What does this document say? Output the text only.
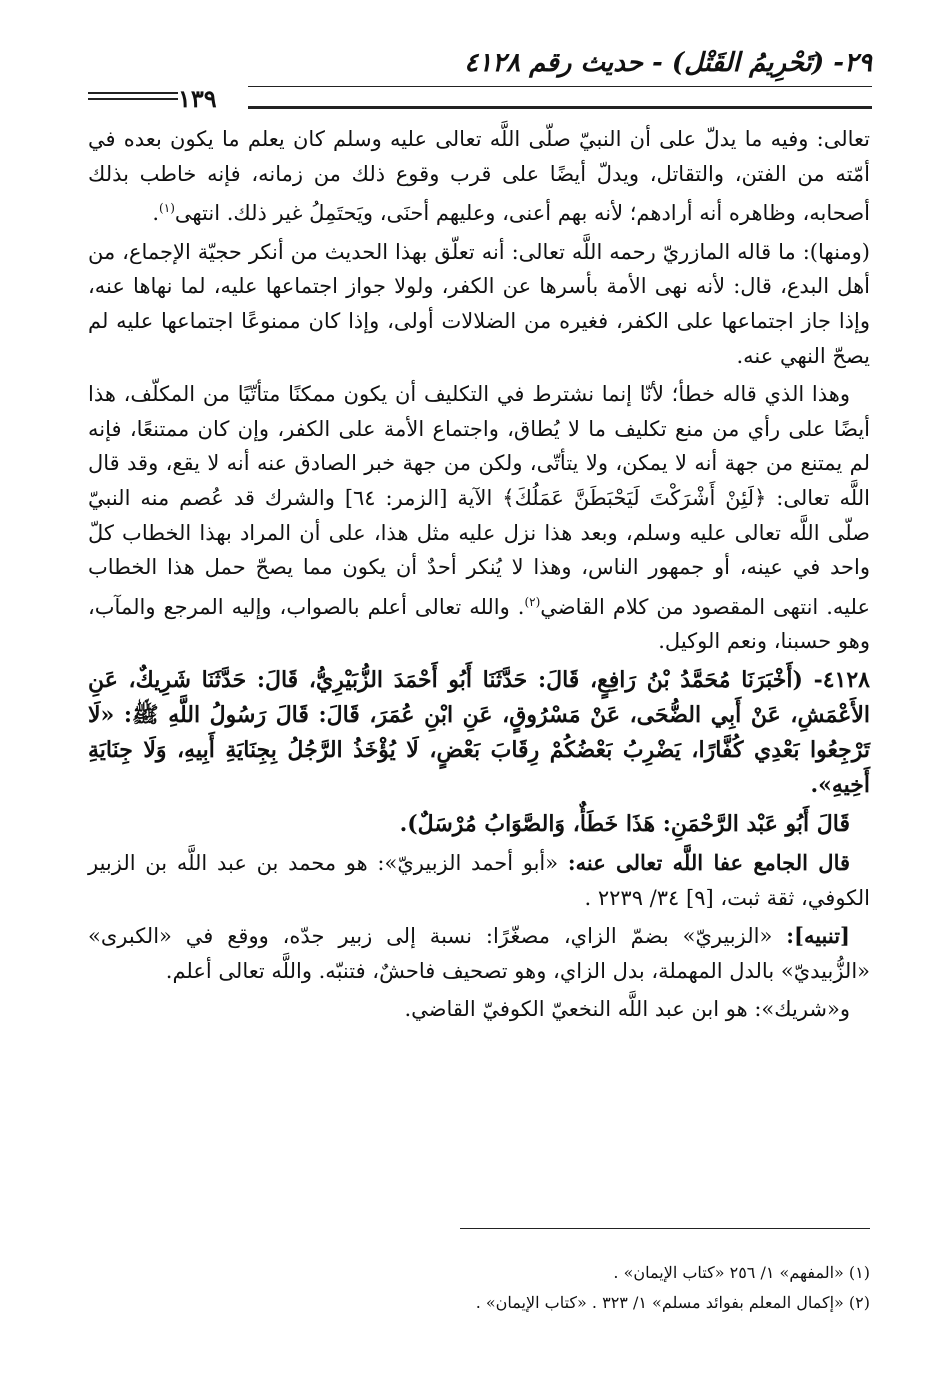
٢٩- (تَحْرِيمُ القَتْل) - حديث رقم ٤١٢٨
١٣٩

تعالى: وفيه ما يدلّ على أن النبيّ صلّى اللَّه تعالى عليه وسلم كان يعلم ما يكون بعده في أمّته من الفتن، والتقاتل، ويدلّ أيضًا على قرب وقوع ذلك من زمانه، فإنه خاطب بذلك أصحابه، وظاهره أنه أرادهم؛ لأنه بهم أعنى، وعليهم أحنَى، ويَحتَمِلُ غير ذلك. انتهى$^{(١)}$.

(ومنها): ما قاله المازريّ رحمه اللَّه تعالى: أنه تعلّق بهذا الحديث من أنكر حجيّة الإجماع، من أهل البدع، قال: لأنه نهى الأمة بأسرها عن الكفر، ولولا جواز اجتماعها عليه، لما نهاها عنه، وإذا جاز اجتماعها على الكفر، فغيره من الضلالات أولى، وإذا كان ممنوعًا اجتماعها عليه لم يصحّ النهي عنه.

وهذا الذي قاله خطأ؛ لأنّا إنما نشترط في التكليف أن يكون ممكنًا متأتّيًا من المكلّف، هذا أيضًا على رأي من منع تكليف ما لا يُطاق، واجتماع الأمة على الكفر، وإن كان ممتنعًا، فإنه لم يمتنع من جهة أنه لا يمكن، ولا يتأتّى، ولكن من جهة خبر الصادق عنه أنه لا يقع، وقد قال اللَّه تعالى: ﴿لَئِنْ أَشْرَكْتَ لَيَحْبَطَنَّ عَمَلُكَ﴾ الآية [الزمر: ٦٤] والشرك قد عُصم منه النبيّ صلّى اللَّه تعالى عليه وسلم، وبعد هذا نزل عليه مثل هذا، على أن المراد بهذا الخطاب كلّ واحد في عينه، أو جمهور الناس، وهذا لا يُنكر أحدٌ أن يكون مما يصحّ حمل هذا الخطاب عليه. انتهى المقصود من كلام القاضي$^{(٢)}$. والله تعالى أعلم بالصواب، وإليه المرجع والمآب، وهو حسبنا، ونعم الوكيل.

٤١٢٨- (أَخْبَرَنَا مُحَمَّدُ بْنُ رَافِعٍ، قَالَ: حَدَّثَنَا أَبُو أَحْمَدَ الزُّبَيْرِيُّ، قَالَ: حَدَّثَنَا شَرِيكٌ، عَنِ الأَعْمَشِ، عَنْ أَبِي الضُّحَى، عَنْ مَسْرُوقٍ، عَنِ ابْنِ عُمَرَ، قَالَ: قَالَ رَسُولُ اللَّهِ ﷺ: «لَا تَرْجِعُوا بَعْدِي كُفَّارًا، يَضْرِبُ بَعْضُكُمْ رِقَابَ بَعْضٍ، لَا يُؤْخَذُ الرَّجُلُ بِجِنَايَةِ أَبِيهِ، وَلَا جِنَايَةِ أَخِيهِ».

قَالَ أَبُو عَبْد الرَّحْمَنِ: هَذَا خَطَأٌ، وَالصَّوَابُ مُرْسَلٌ).

قال الجامع عفا اللَّه تعالى عنه: «أبو أحمد الزبيريّ»: هو محمد بن عبد اللَّه بن الزبير الكوفي، ثقة ثبت، [٩] ٣٤/ ٢٢٣٩ .

[تنبيه]: «الزبيريّ» بضمّ الزاي، مصغّرًا: نسبة إلى زبير جدّه، ووقع في «الكبرى» «الزُّبيديّ» بالدل المهملة، بدل الزاي، وهو تصحيف فاحشٌ، فتنبّه. واللَّه تعالى أعلم.

و«شريك»: هو ابن عبد اللَّه النخعيّ الكوفيّ القاضي.

(١) «المفهم» ١/ ٢٥٦ «كتاب الإيمان» .
(٢) «إكمال المعلم بفوائد مسلم» ١/ ٣٢٣ . «كتاب الإيمان» .
